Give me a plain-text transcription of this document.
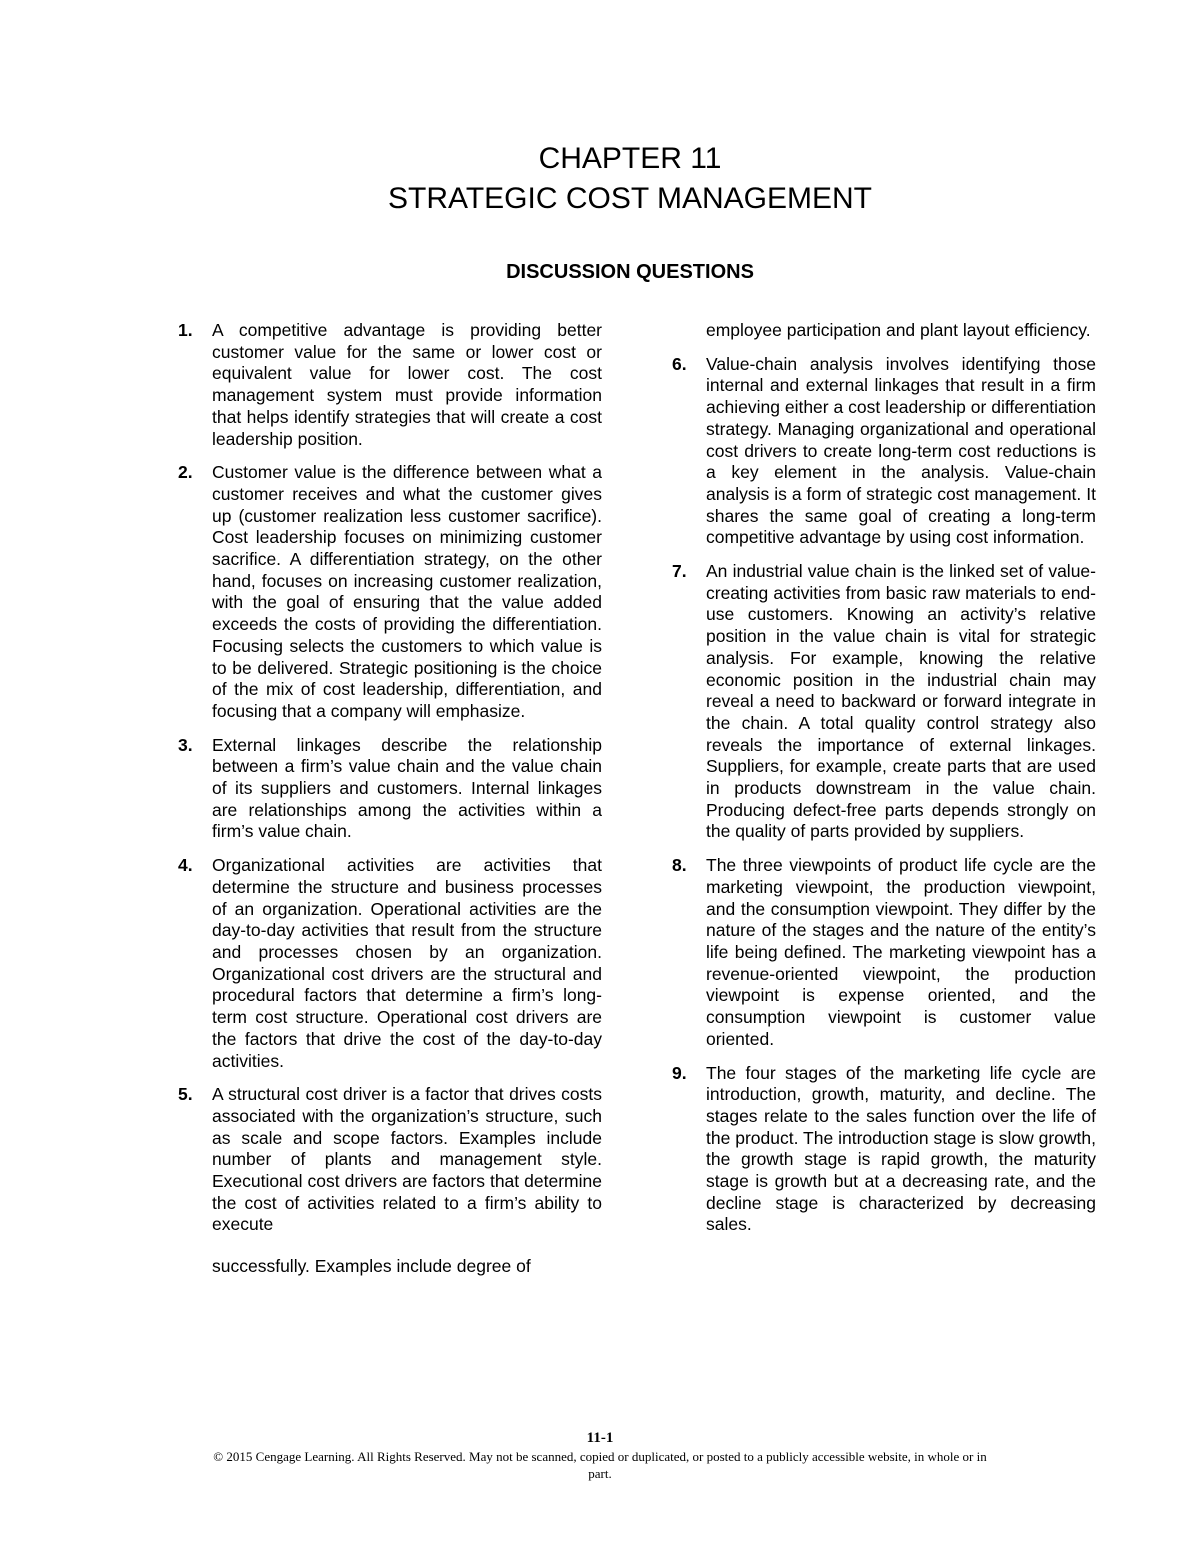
CHAPTER 11
STRATEGIC COST MANAGEMENT
DISCUSSION QUESTIONS
1. A competitive advantage is providing better customer value for the same or lower cost or equivalent value for lower cost. The cost management system must provide information that helps identify strategies that will create a cost leadership position.
2. Customer value is the difference between what a customer receives and what the customer gives up (customer realization less customer sacrifice). Cost leadership focuses on minimizing customer sacrifice. A differentiation strategy, on the other hand, focuses on increasing customer realization, with the goal of ensuring that the value added exceeds the costs of providing the differentiation. Focusing selects the customers to which value is to be delivered. Strategic positioning is the choice of the mix of cost leadership, differentiation, and focusing that a company will emphasize.
3. External linkages describe the relationship between a firm’s value chain and the value chain of its suppliers and customers. Internal linkages are relationships among the activities within a firm’s value chain.
4. Organizational activities are activities that determine the structure and business processes of an organization. Operational activities are the day-to-day activities that result from the structure and processes chosen by an organization. Organizational cost drivers are the structural and procedural factors that determine a firm’s long-term cost structure. Operational cost drivers are the factors that drive the cost of the day-to-day activities.
5. A structural cost driver is a factor that drives costs associated with the organization’s structure, such as scale and scope factors. Examples include number of plants and management style. Executional cost drivers are factors that determine the cost of activities related to a firm’s ability to execute
successfully. Examples include degree of
employee participation and plant layout efficiency.
6. Value-chain analysis involves identifying those internal and external linkages that result in a firm achieving either a cost leadership or differentiation strategy. Managing organizational and operational cost drivers to create long-term cost reductions is a key element in the analysis. Value-chain analysis is a form of strategic cost management. It shares the same goal of creating a long-term competitive advantage by using cost information.
7. An industrial value chain is the linked set of value-creating activities from basic raw materials to end-use customers. Knowing an activity’s relative position in the value chain is vital for strategic analysis. For example, knowing the relative economic position in the industrial chain may reveal a need to backward or forward integrate in the chain. A total quality control strategy also reveals the importance of external linkages. Suppliers, for example, create parts that are used in products downstream in the value chain. Producing defect-free parts depends strongly on the quality of parts provided by suppliers.
8. The three viewpoints of product life cycle are the marketing viewpoint, the production viewpoint, and the consumption viewpoint. They differ by the nature of the stages and the nature of the entity’s life being defined. The marketing viewpoint has a revenue-oriented viewpoint, the production viewpoint is expense oriented, and the consumption viewpoint is customer value oriented.
9. The four stages of the marketing life cycle are introduction, growth, maturity, and decline. The stages relate to the sales function over the life of the product. The introduction stage is slow growth, the growth stage is rapid growth, the maturity stage is growth but at a decreasing rate, and the decline stage is characterized by decreasing sales.
11-1
© 2015 Cengage Learning. All Rights Reserved. May not be scanned, copied or duplicated, or posted to a publicly accessible website, in whole or in part.
